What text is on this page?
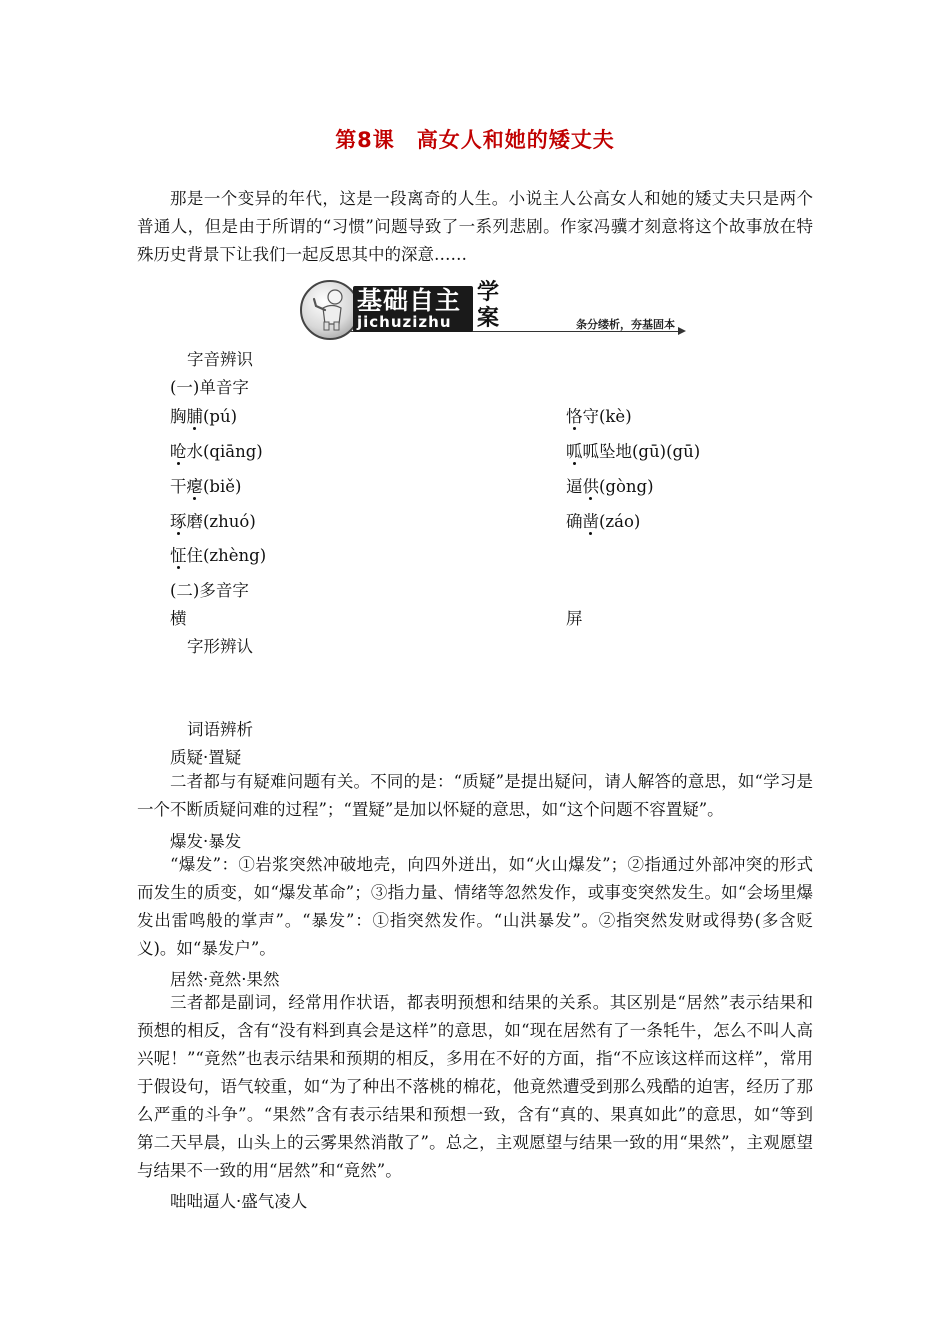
第8课　高女人和她的矮丈夫
那是一个变异的年代，这是一段离奇的人生。小说主人公高女人和她的矮丈夫只是两个普通人，但是由于所谓的“习惯”问题导致了一系列悲剧。作家冯骥才刻意将这个故事放在特殊历史背景下让我们一起反思其中的深意……
基础自主
jichuzizhu
学
案	条分缕析，夯基固本
字音辨识
(一)单音字
胸脯(pú)	恪守(kè)
呛水(qiāng)	呱呱坠地(gū)(gū)
干瘪(biě)	逼供(gòng)
琢磨(zhuó)	确凿(záo)
怔住(zhèng)
(二)多音字
横	屏
字形辨认
词语辨析
质疑·置疑
二者都与有疑难问题有关。不同的是：“质疑”是提出疑问，请人解答的意思，如“学习是一个不断质疑问难的过程”；“置疑”是加以怀疑的意思，如“这个问题不容置疑”。
爆发·暴发
“爆发”：①岩浆突然冲破地壳，向四外迸出，如“火山爆发”；②指通过外部冲突的形式而发生的质变，如“爆发革命”；③指力量、情绪等忽然发作，或事变突然发生。如“会场里爆发出雷鸣般的掌声”。“暴发”：①指突然发作。“山洪暴发”。②指突然发财或得势(多含贬义)。如“暴发户”。
居然·竟然·果然
三者都是副词，经常用作状语，都表明预想和结果的关系。其区别是“居然”表示结果和预想的相反，含有“没有料到真会是这样”的意思，如“现在居然有了一条牦牛，怎么不叫人高兴呢！”“竟然”也表示结果和预期的相反，多用在不好的方面，指“不应该这样而这样”，常用于假设句，语气较重，如“为了种出不落桃的棉花，他竟然遭受到那么残酷的迫害，经历了那么严重的斗争”。“果然”含有表示结果和预想一致，含有“真的、果真如此”的意思，如“等到第二天早晨，山头上的云雾果然消散了”。总之，主观愿望与结果一致的用“果然”，主观愿望与结果不一致的用“居然”和“竟然”。
咄咄逼人·盛气凌人
